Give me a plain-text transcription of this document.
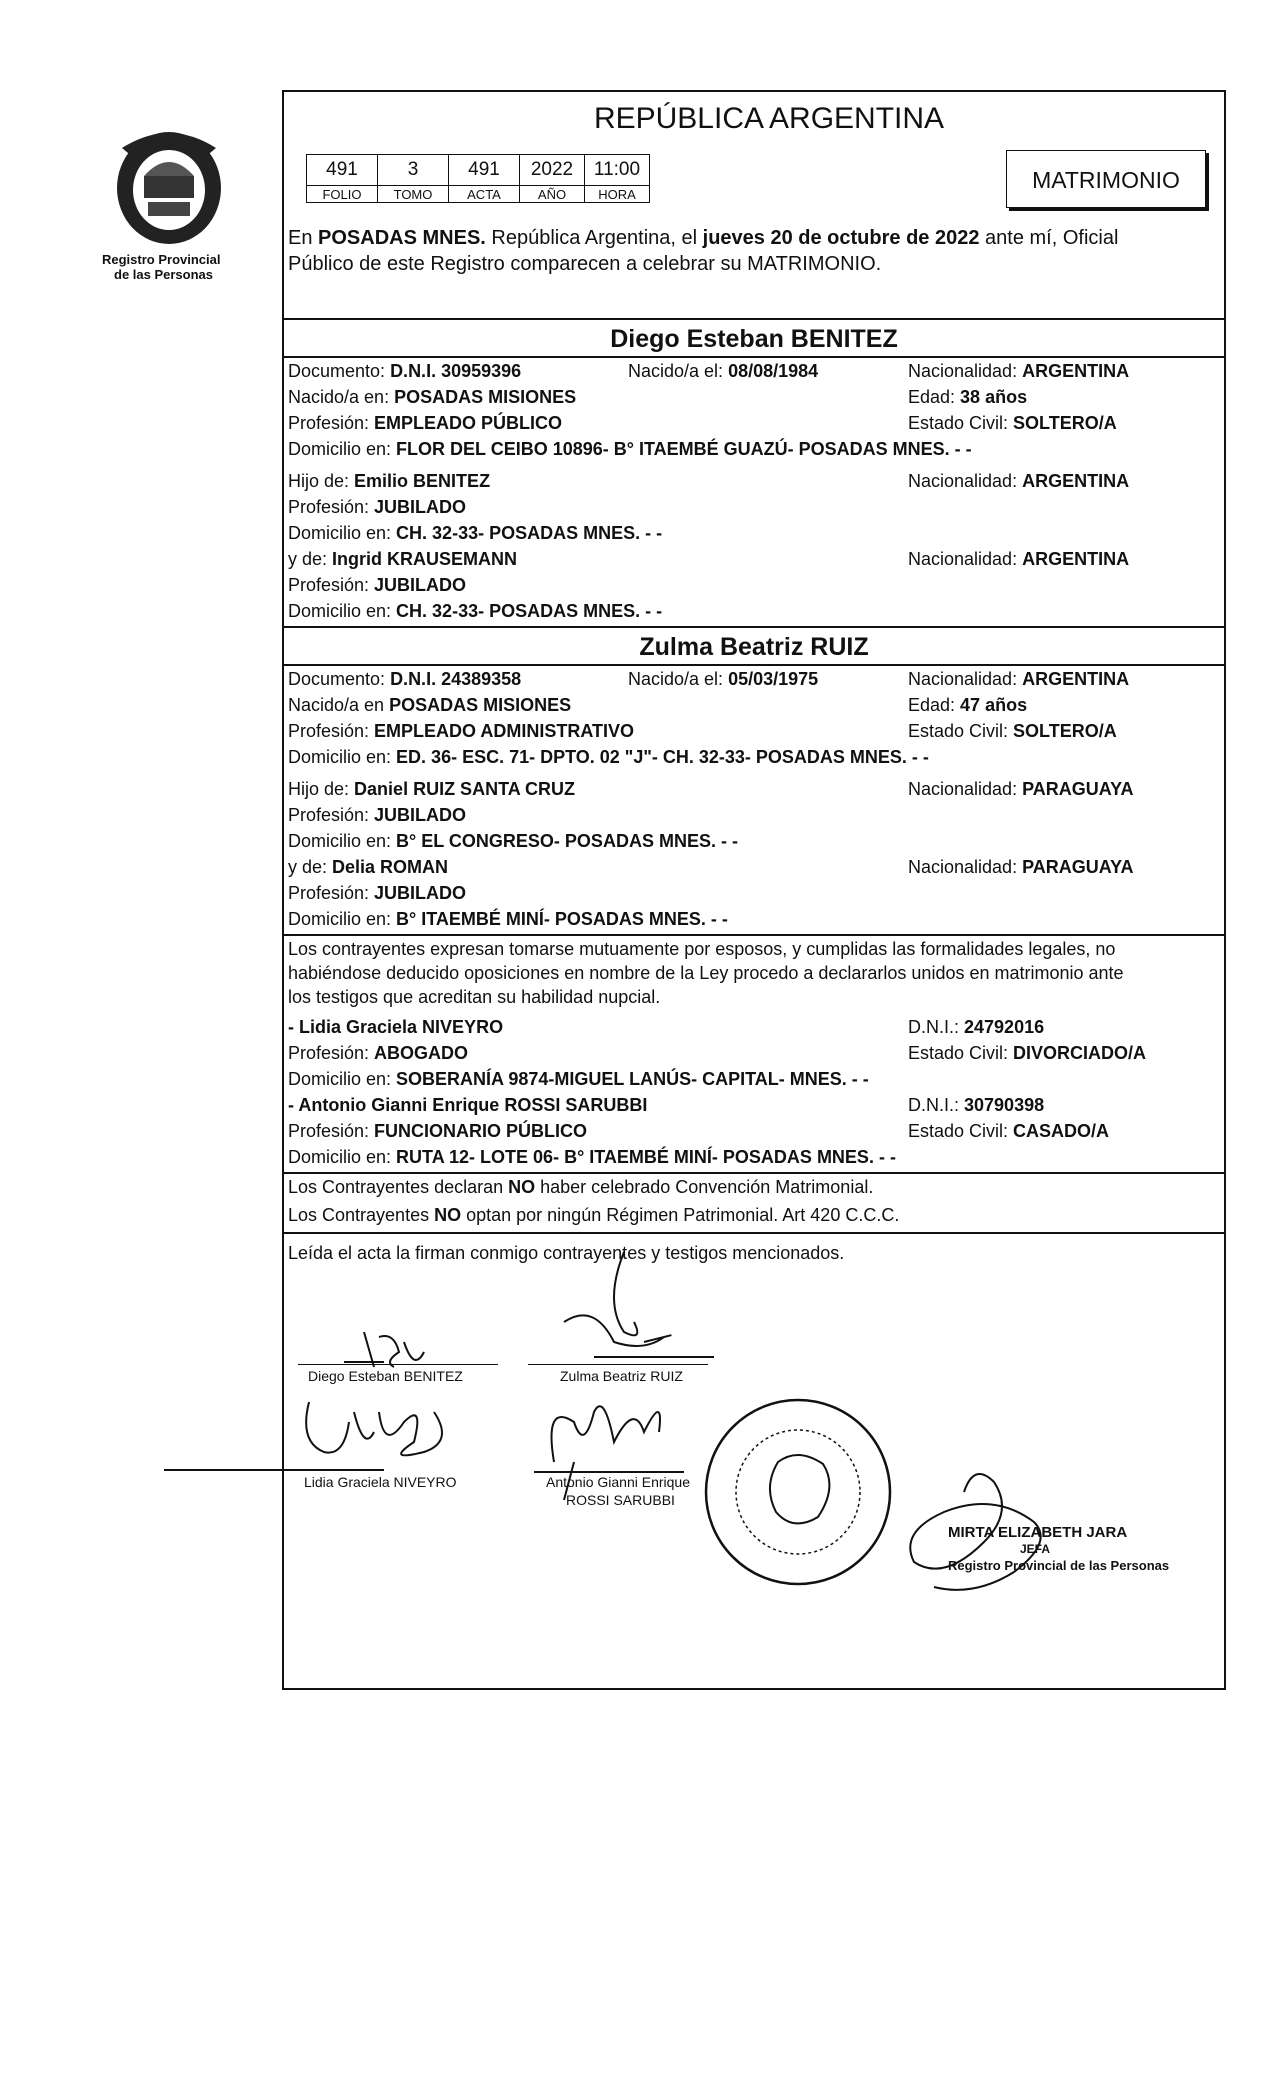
Registro Provincial
de las Personas
REPÚBLICA ARGENTINA
491	3	491	2022	11:00
FOLIO	TOMO	ACTA	AÑO	HORA
MATRIMONIO
En POSADAS MNES. República Argentina, el jueves 20 de octubre de 2022 ante mí, Oficial
Público de este Registro comparecen a celebrar su MATRIMONIO.
Diego Esteban BENITEZ
Documento: D.N.I. 30959396	Nacido/a el: 08/08/1984	Nacionalidad: ARGENTINA
Nacido/a en: POSADAS MISIONES	Edad: 38 años
Profesión: EMPLEADO PÚBLICO	Estado Civil: SOLTERO/A
Domicilio en: FLOR DEL CEIBO 10896- B° ITAEMBÉ GUAZÚ- POSADAS MNES. - -
Hijo de: Emilio BENITEZ	Nacionalidad: ARGENTINA
Profesión: JUBILADO
Domicilio en: CH. 32-33- POSADAS MNES. - -
y de: Ingrid KRAUSEMANN	Nacionalidad: ARGENTINA
Profesión: JUBILADO
Domicilio en: CH. 32-33- POSADAS MNES. - -
Zulma Beatriz RUIZ
Documento: D.N.I. 24389358	Nacido/a el: 05/03/1975	Nacionalidad: ARGENTINA
Nacido/a en POSADAS MISIONES	Edad: 47 años
Profesión: EMPLEADO ADMINISTRATIVO	Estado Civil: SOLTERO/A
Domicilio en: ED. 36- ESC. 71- DPTO. 02 "J"- CH. 32-33- POSADAS MNES. - -
Hijo de: Daniel RUIZ SANTA CRUZ	Nacionalidad: PARAGUAYA
Profesión: JUBILADO
Domicilio en: B° EL CONGRESO- POSADAS MNES. - -
y de: Delia ROMAN	Nacionalidad: PARAGUAYA
Profesión: JUBILADO
Domicilio en: B° ITAEMBÉ MINÍ- POSADAS MNES. - -
Los contrayentes expresan tomarse mutuamente por esposos, y cumplidas las formalidades legales, no
habiéndose deducido oposiciones en nombre de la Ley procedo a declararlos unidos en matrimonio ante
los testigos que acreditan su habilidad nupcial.
- Lidia Graciela NIVEYRO	D.N.I.: 24792016
Profesión: ABOGADO	Estado Civil: DIVORCIADO/A
Domicilio en: SOBERANÍA 9874-MIGUEL LANÚS- CAPITAL- MNES. - -
- Antonio Gianni Enrique ROSSI SARUBBI	D.N.I.: 30790398
Profesión: FUNCIONARIO PÚBLICO	Estado Civil: CASADO/A
Domicilio en: RUTA 12- LOTE 06- B° ITAEMBÉ MINÍ- POSADAS MNES. - -
Los Contrayentes declaran NO haber celebrado Convención Matrimonial.
Los Contrayentes NO optan por ningún Régimen Patrimonial. Art 420 C.C.C.
Leída el acta la firman conmigo contrayentes y testigos mencionados.
Diego Esteban BENITEZ	Zulma Beatriz RUIZ
Lidia Graciela NIVEYRO	Antonio Gianni Enrique
ROSSI SARUBBI
MIRTA ELIZABETH JARA
JEFA
Registro Provincial de las Personas
